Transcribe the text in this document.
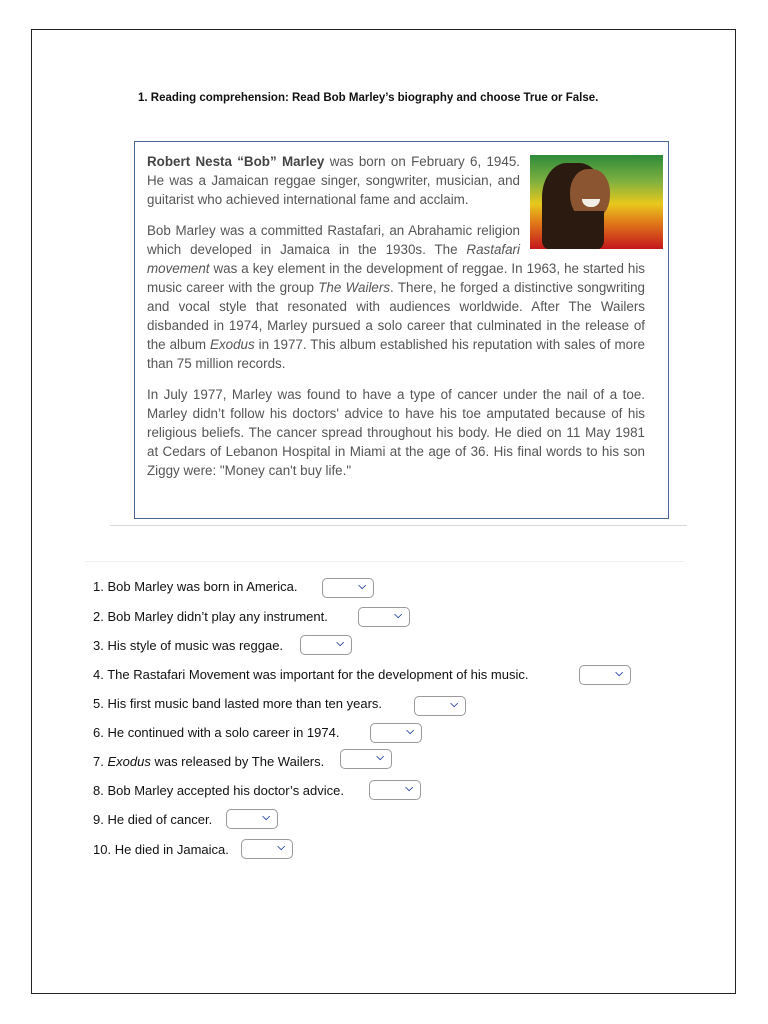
1. Reading comprehension: Read Bob Marley’s biography and choose True or False.

Robert Nesta “Bob” Marley was born on February 6, 1945. He was a Jamaican reggae singer, songwriter, musician, and guitarist who achieved international fame and acclaim.

Bob Marley was a committed Rastafari, an Abrahamic religion which developed in Jamaica in the 1930s. The Rastafari movement was a key element in the development of reggae. In 1963, he started his music career with the group The Wailers. There, he forged a distinctive songwriting and vocal style that resonated with audiences worldwide. After The Wailers disbanded in 1974, Marley pursued a solo career that culminated in the release of the album Exodus in 1977. This album established his reputation with sales of more than 75 million records.

In July 1977, Marley was found to have a type of cancer under the nail of a toe. Marley didn’t follow his doctors' advice to have his toe amputated because of his religious beliefs. The cancer spread throughout his body. He died on 11 May 1981 at Cedars of Lebanon Hospital in Miami at the age of 36. His final words to his son Ziggy were: "Money can't buy life."

1. Bob Marley was born in America.	⌵
2. Bob Marley didn’t play any instrument.	⌵
3. His style of music was reggae.	⌵
4. The Rastafari Movement was important for the development of his music.	⌵
5. His first music band lasted more than ten years.	⌵
6. He continued with a solo career in 1974.	⌵
7. Exodus was released by The Wailers.	⌵
8. Bob Marley accepted his doctor’s advice.	⌵
9. He died of cancer.	⌵
10. He died in Jamaica.	⌵
